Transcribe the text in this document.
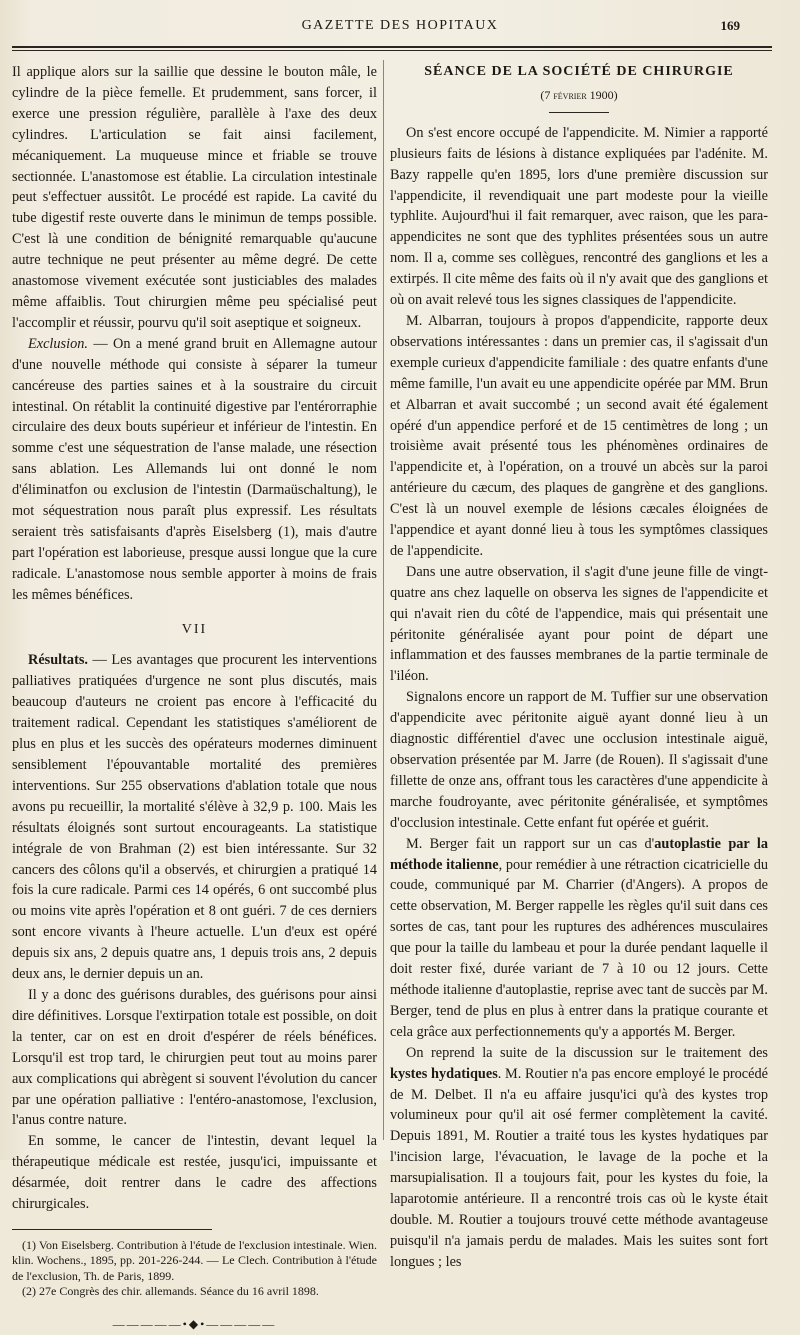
GAZETTE DES HOPITAUX	169

Il applique alors sur la saillie que dessine le bouton mâle, le cylindre de la pièce femelle. Et prudemment, sans forcer, il exerce une pression régulière, parallèle à l'axe des deux cylindres. L'articulation se fait ainsi facilement, mécaniquement. La muqueuse mince et friable se trouve sectionnée. L'anastomose est établie. La circulation intestinale peut s'effectuer aussitôt. Le procédé est rapide. La cavité du tube digestif reste ouverte dans le minimun de temps possible. C'est là une condition de bénignité remarquable qu'aucune autre technique ne peut présenter au même degré. De cette anastomose vivement exécutée sont justiciables des malades même affaiblis. Tout chirurgien même peu spécialisé peut l'accomplir et réussir, pourvu qu'il soit aseptique et soigneux.

Exclusion. — On a mené grand bruit en Allemagne autour d'une nouvelle méthode qui consiste à séparer la tumeur cancéreuse des parties saines et à la soustraire du circuit intestinal. On rétablit la continuité digestive par l'entérorraphie circulaire des deux bouts supérieur et inférieur de l'intestin. En somme c'est une séquestration de l'anse malade, une résection sans ablation. Les Allemands lui ont donné le nom d'éliminatfon ou exclusion de l'intestin (Darmaüschaltung), le mot séquestration nous paraît plus expressif. Les résultats seraient très satisfaisants d'après Eiselsberg (1), mais d'autre part l'opération est laborieuse, presque aussi longue que la cure radicale. L'anastomose nous semble apporter à moins de frais les mêmes bénéfices.

VII

Résultats. — Les avantages que procurent les interventions palliatives pratiquées d'urgence ne sont plus discutés, mais beaucoup d'auteurs ne croient pas encore à l'efficacité du traitement radical. Cependant les statistiques s'améliorent de plus en plus et les succès des opérateurs modernes diminuent sensiblement l'épouvantable mortalité des premières interventions. Sur 255 observations d'ablation totale que nous avons pu recueillir, la mortalité s'élève à 32,9 p. 100. Mais les résultats éloignés sont surtout encourageants. La statistique intégrale de von Brahman (2) est bien intéressante. Sur 32 cancers des côlons qu'il a observés, et chirurgien a pratiqué 14 fois la cure radicale. Parmi ces 14 opérés, 6 ont succombé plus ou moins vite après l'opération et 8 ont guéri. 7 de ces derniers sont encore vivants à l'heure actuelle. L'un d'eux est opéré depuis six ans, 2 depuis quatre ans, 1 depuis trois ans, 2 depuis deux ans, le dernier depuis un an.

Il y a donc des guérisons durables, des guérisons pour ainsi dire définitives. Lorsque l'extirpation totale est possible, on doit la tenter, car on est en droit d'espérer de réels bénéfices. Lorsqu'il est trop tard, le chirurgien peut tout au moins parer aux complications qui abrègent si souvent l'évolution du cancer par une opération palliative : l'entéro-anastomose, l'exclusion, l'anus contre nature.

En somme, le cancer de l'intestin, devant lequel la thérapeutique médicale est restée, jusqu'ici, impuissante et désarmée, doit rentrer dans le cadre des affections chirurgicales.

(1) Von Eiselsberg. Contribution à l'étude de l'exclusion intestinale. Wien. klin. Wochens., 1895, pp. 201-226-244. — Le Clech. Contribution à l'étude de l'exclusion, Th. de Paris, 1899.

(2) 27e Congrès des chir. allemands. Séance du 16 avril 1898.

—————•◆•—————
SÉANCE DE LA SOCIÉTÉ DE CHIRURGIE
(7 février 1900)

On s'est encore occupé de l'appendicite. M. Nimier a rapporté plusieurs faits de lésions à distance expliquées par l'adénite. M. Bazy rappelle qu'en 1895, lors d'une première discussion sur l'appendicite, il revendiquait une part modeste pour la vieille typhlite. Aujourd'hui il fait remarquer, avec raison, que les para-appendicites ne sont que des typhlites présentées sous un autre nom. Il a, comme ses collègues, rencontré des ganglions et les a extirpés. Il cite même des faits où il n'y avait que des ganglions et où on avait relevé tous les signes classiques de l'appendicite.

M. Albarran, toujours à propos d'appendicite, rapporte deux observations intéressantes : dans un premier cas, il s'agissait d'un exemple curieux d'appendicite familiale : des quatre enfants d'une même famille, l'un avait eu une appendicite opérée par MM. Brun et Albarran et avait succombé ; un second avait été également opéré d'un appendice perforé et de 15 centimètres de long ; un troisième avait présenté tous les phénomènes ordinaires de l'appendicite et, à l'opération, on a trouvé un abcès sur la paroi antérieure du cæcum, des plaques de gangrène et des ganglions. C'est là un nouvel exemple de lésions cæcales éloignées de l'appendice et ayant donné lieu à tous les symptômes classiques de l'appendicite.

Dans une autre observation, il s'agit d'une jeune fille de vingt-quatre ans chez laquelle on observa les signes de l'appendicite et qui n'avait rien du côté de l'appendice, mais qui présentait une péritonite généralisée ayant pour point de départ une inflammation et des fausses membranes de la partie terminale de l'iléon.

Signalons encore un rapport de M. Tuffier sur une observation d'appendicite avec péritonite aiguë ayant donné lieu à un diagnostic différentiel d'avec une occlusion intestinale aiguë, observation présentée par M. Jarre (de Rouen). Il s'agissait d'une fillette de onze ans, offrant tous les caractères d'une appendicite à marche foudroyante, avec péritonite généralisée, et symptômes d'occlusion intestinale. Cette enfant fut opérée et guérit.

M. Berger fait un rapport sur un cas d'autoplastie par la méthode italienne, pour remédier à une rétraction cicatricielle du coude, communiqué par M. Charrier (d'Angers). A propos de cette observation, M. Berger rappelle les règles qu'il suit dans ces sortes de cas, tant pour les ruptures des adhérences musculaires que pour la taille du lambeau et pour la durée pendant laquelle il doit rester fixé, durée variant de 7 à 10 ou 12 jours. Cette méthode italienne d'autoplastie, reprise avec tant de succès par M. Berger, tend de plus en plus à entrer dans la pratique courante et cela grâce aux perfectionnements qu'y a apportés M. Berger.

On reprend la suite de la discussion sur le traitement des kystes hydatiques. M. Routier n'a pas encore employé le procédé de M. Delbet. Il n'a eu affaire jusqu'ici qu'à des kystes trop volumineux pour qu'il ait osé fermer complètement la cavité. Depuis 1891, M. Routier a traité tous les kystes hydatiques par l'incision large, l'évacuation, le lavage de la poche et la marsupialisation. Il a toujours fait, pour les kystes du foie, la laparotomie antérieure. Il a rencontré trois cas où le kyste était double. M. Routier a toujours trouvé cette méthode avantageuse puisqu'il n'a jamais perdu de malades. Mais les suites sont fort longues ; les
